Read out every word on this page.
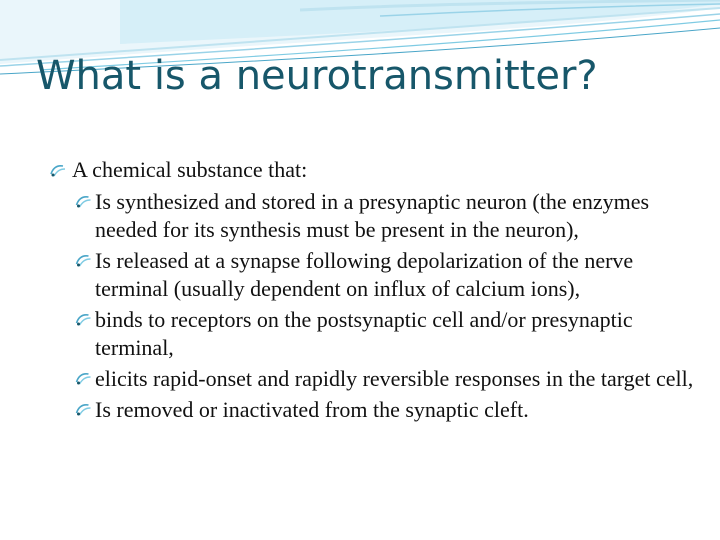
What is a neurotransmitter?
A chemical substance that:
Is synthesized and stored in a presynaptic neuron (the enzymes needed for its synthesis must be present in the neuron),
Is released at a synapse following depolarization of the nerve terminal (usually dependent on influx of calcium ions),
binds to receptors on the postsynaptic cell and/or presynaptic terminal,
elicits rapid-onset and rapidly reversible responses in the target cell,
Is removed or inactivated from the synaptic cleft.
